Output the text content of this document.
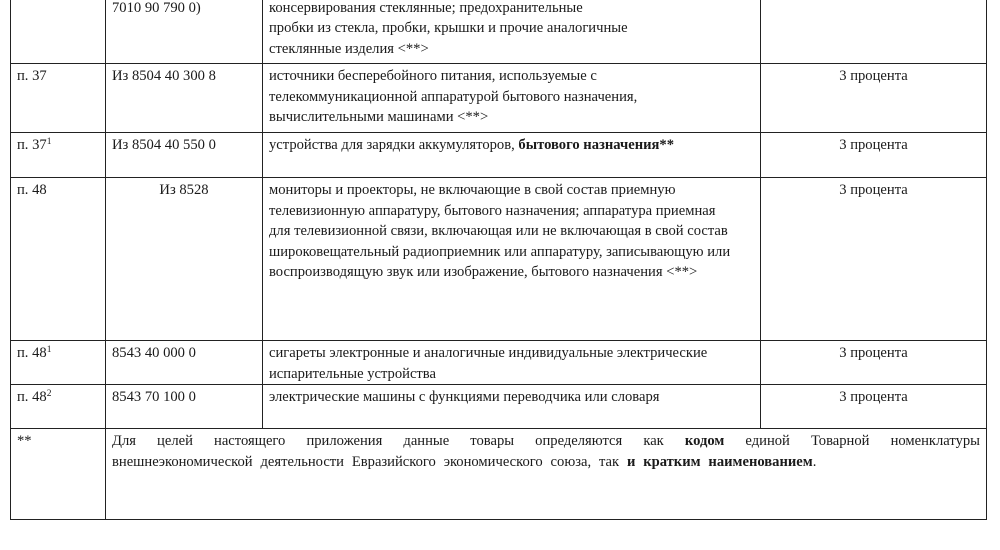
	7010 90 790 0)	консервирования стеклянные; предохранительные
пробки из стекла, пробки, крышки и прочие аналогичные
стеклянные изделия <**>	

п. 37	Из 8504 40 300 8	источники бесперебойного питания, используемые с телекоммуникационной аппаратурой бытового назначения, вычислительными машинами <**>	3 процента
п. $37^1$	Из 8504 40 550 0	устройства для зарядки аккумуляторов, бытового назначения**	3 процента
п. 48	Из 8528	мониторы и проекторы, не включающие в свой состав приемную телевизионную аппаратуру, бытового назначения; аппаратура приемная для телевизионной связи, включающая или не включающая в свой состав широковещательный радиоприемник или аппаратуру, записывающую или воспроизводящую звук или изображение, бытового назначения <**>	3 процента
п. $48^1$	8543 40 000 0	сигареты электронные и аналогичные индивидуальные электрические испарительные устройства	3 процента
п. $48^2$	8543 70 100 0	электрические машины с функциями переводчика или словаря	3 процента
**	Для целей настоящего приложения данные товары определяются как кодом единой Товарной номенклатуры внешнеэкономической деятельности Евразийского экономического союза, так и кратким наименованием.		
